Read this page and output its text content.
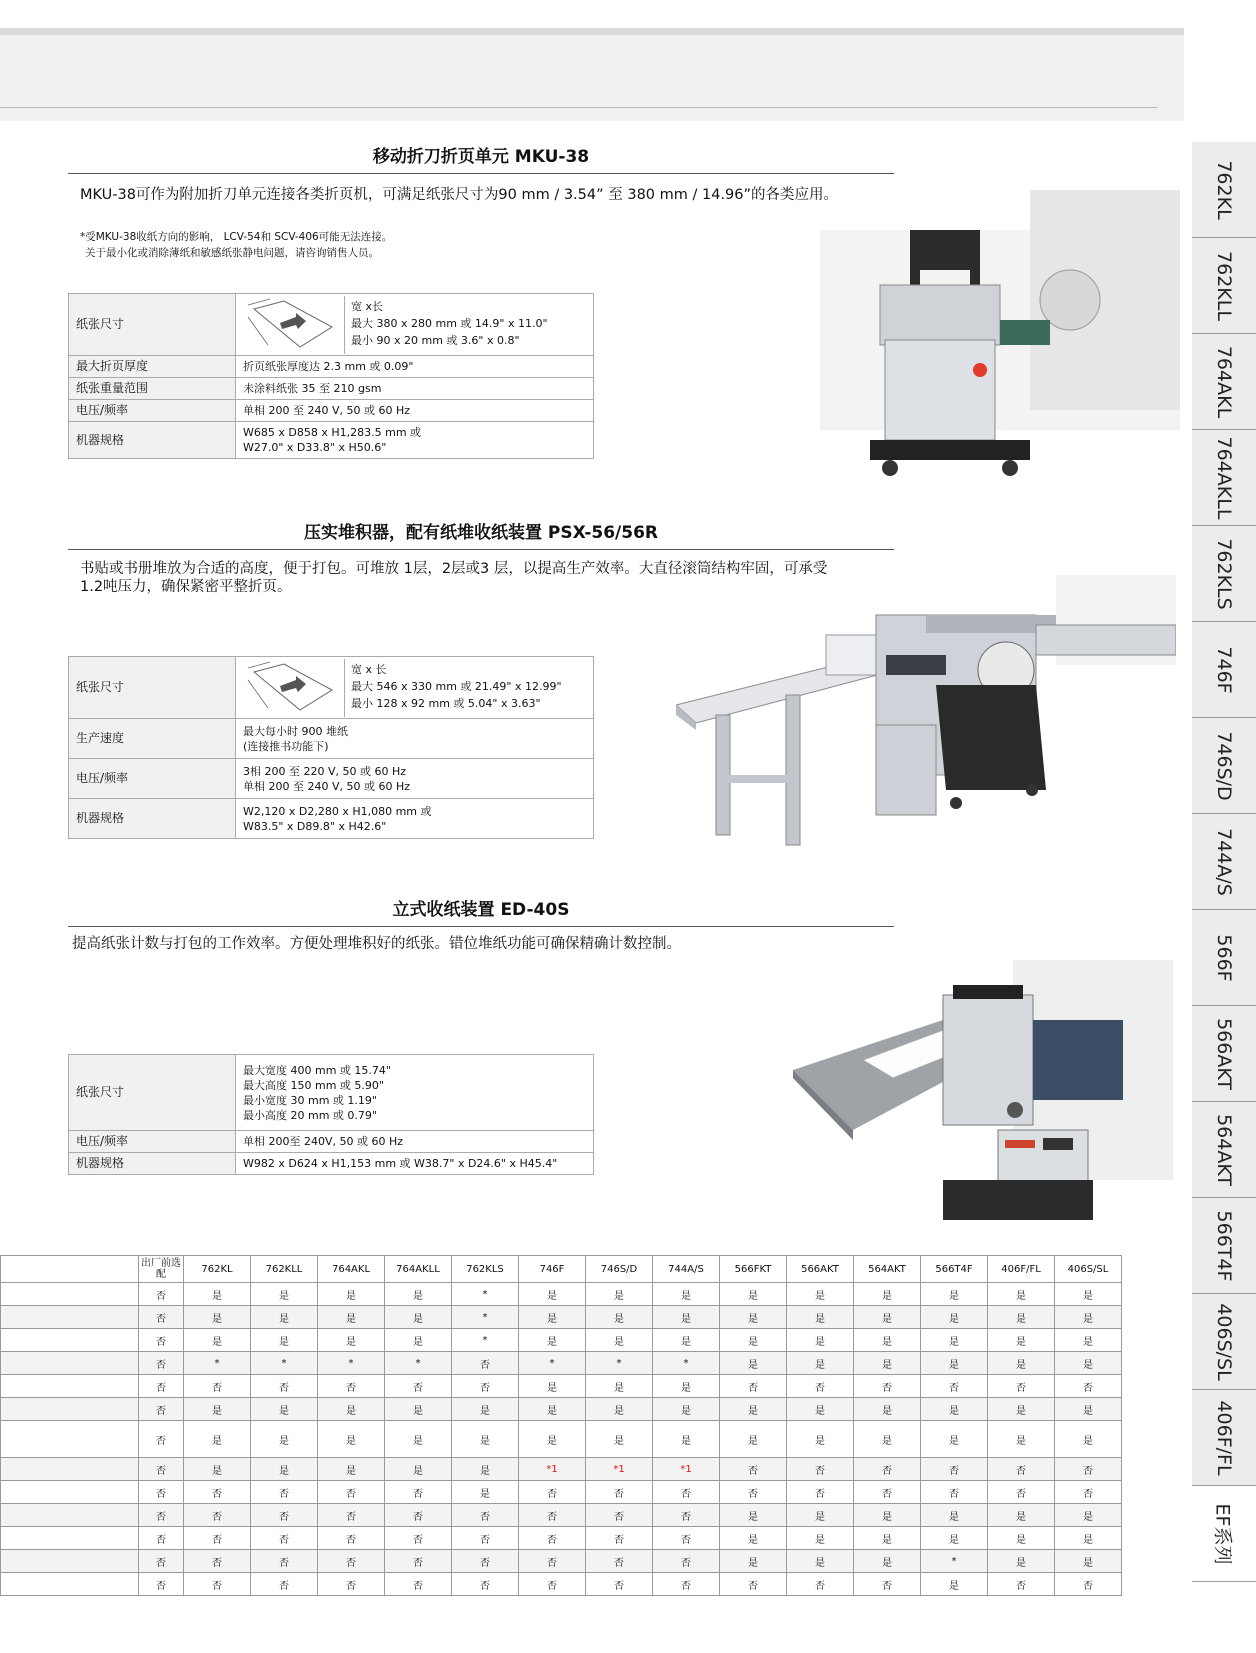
移动折刀折页单元 MKU-38
MKU-38可作为附加折刀单元连接各类折页机，可满足纸张尺寸为90 mm / 3.54” 至 380 mm / 14.96”的各类应用。
*受MKU-38收纸方向的影响， LCV-54和 SCV-406可能无法连接。
关于最小化或消除薄纸和敏感纸张静电问题，请咨询销售人员。
纸张尺寸	宽 x长
最大 380 x 280 mm 或 14.9" x 11.0"
最小 90 x 20 mm 或 3.6" x 0.8"

最大折页厚度	折页纸张厚度达 2.3 mm 或 0.09"
纸张重量范围	未涂料纸张 35 至 210 gsm
电压/频率	单相 200 至 240 V, 50 或 60 Hz
机器规格	W685 x D858 x H1,283.5 mm 或
W27.0" x D33.8" x H50.6"
压实堆积器，配有纸堆收纸装置 PSX-56/56R
书贴或书册堆放为合适的高度，便于打包。可堆放 1层，2层或3 层，以提高生产效率。大直径滚筒结构牢固，可承受1.2吨压力，确保紧密平整折页。
纸张尺寸	宽 x 长
最大 546 x 330 mm 或 21.49" x 12.99"
最小 128 x 92 mm 或 5.04" x 3.63"

生产速度	最大每小时 900 堆纸
(连接推书功能下)

电压/频率	3相 200 至 220 V, 50 或 60 Hz
单相 200 至 240 V, 50 或 60 Hz

机器规格	W2,120 x D2,280 x H1,080 mm 或
W83.5" x D89.8" x H42.6"
立式收纸装置 ED-40S
提高纸张计数与打包的工作效率。方便处理堆积好的纸张。错位堆纸功能可确保精确计数控制。
纸张尺寸	最大宽度 400 mm 或 15.74"
最大高度 150 mm 或 5.90"
最小宽度 30 mm 或 1.19"
最小高度 20 mm 或 0.79"

电压/频率	单相 200至 240V, 50 或 60 Hz
机器规格	W982 x D624 x H1,153 mm 或 W38.7" x D24.6" x H45.4"
762KL
762KLL
764AKL
764AKLL
762KLS
746F
746S/D
744A/S
566F
566AKT
564AKT
566T4F
406S/SL
406F/FL
EF系列
	出厂前选配	762KL	762KLL	764AKL	764AKLL	762KLS	746F	746S/D	744A/S	566FKT	566AKT	564AKT	566T4F	406F/FL	406S/SL
	否	是	是	是	是	*	是	是	是	是	是	是	是	是	是
	否	是	是	是	是	*	是	是	是	是	是	是	是	是	是
	否	是	是	是	是	*	是	是	是	是	是	是	是	是	是
	否	*	*	*	*	否	*	*	*	是	是	是	是	是	是
	否	否	否	否	否	否	是	是	是	否	否	否	否	否	否
	否	是	是	是	是	是	是	是	是	是	是	是	是	是	是
	否	是	是	是	是	是	是	是	是	是	是	是	是	是	是
	否	是	是	是	是	是	*1	*1	*1	否	否	否	否	否	否
	否	否	否	否	否	是	否	否	否	否	否	否	否	否	否
	否	否	否	否	否	否	否	否	否	是	是	是	是	是	是
	否	否	否	否	否	否	否	否	否	是	是	是	是	是	是
	否	否	否	否	否	否	否	否	否	是	是	是	*	是	是
	否	否	否	否	否	否	否	否	否	否	否	否	是	否	否
